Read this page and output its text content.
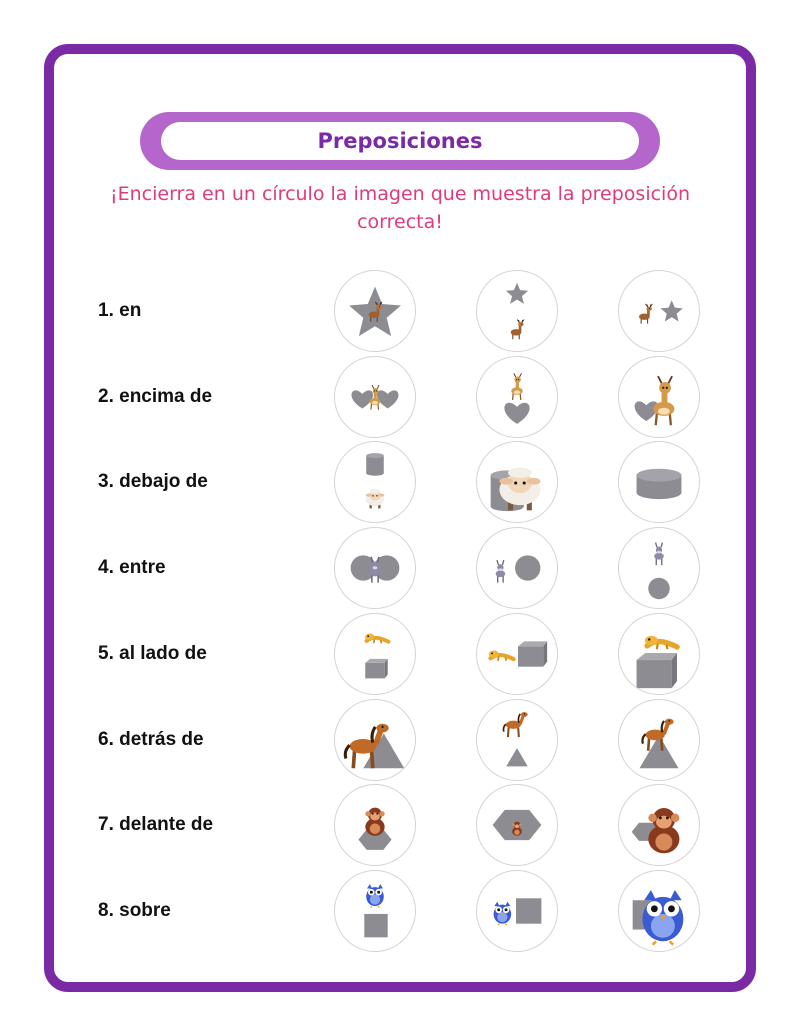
Preposiciones
¡Encierra en un círculo la imagen que muestra la preposición correcta!
1. en
2. encima de
3. debajo de
4. entre
5. al lado de
6. detrás de
7. delante de
8. sobre
